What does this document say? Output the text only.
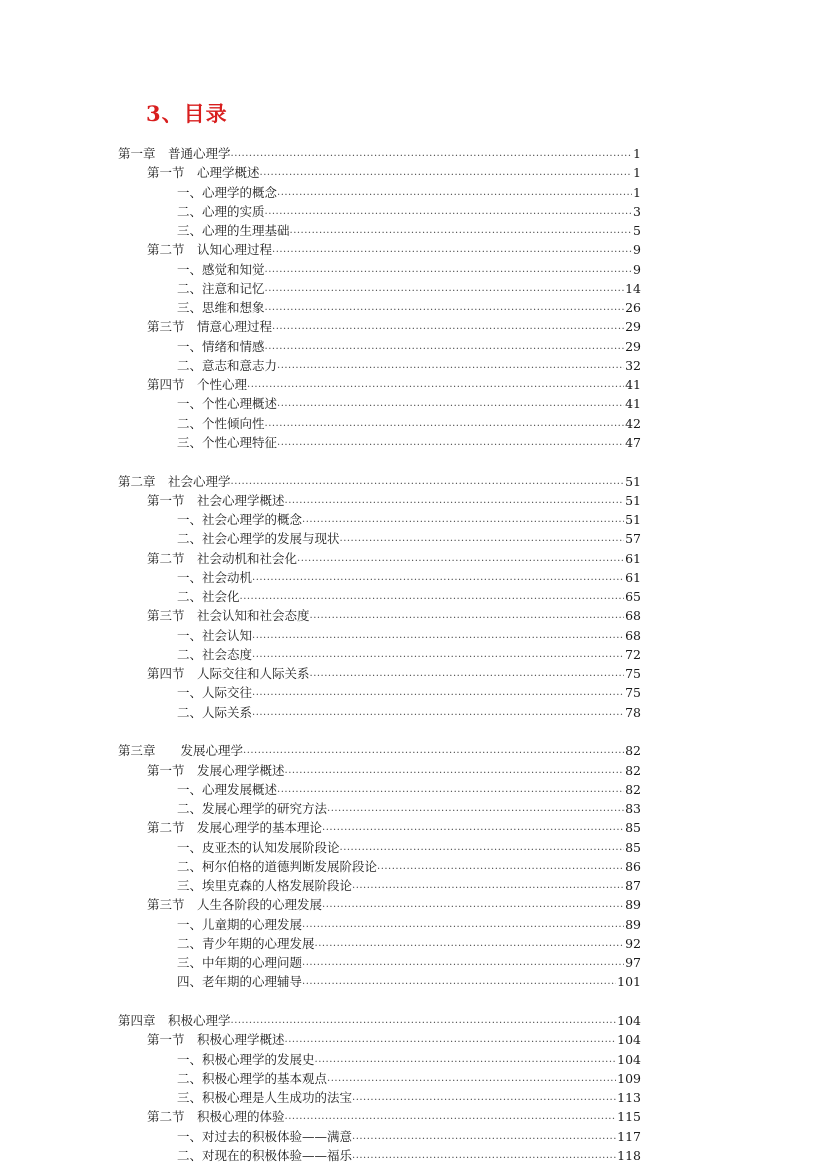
3、目录
第一章　普通心理学 .....	1
第一节　心理学概述 .....	1
一、心理学的概念 .....	1
二、心理的实质 .....	3
三、心理的生理基础 .....	5
第二节　认知心理过程 .....	9
一、感觉和知觉 .....	9
二、注意和记忆 .....	14
三、思维和想象 .....	26
第三节　情意心理过程 .....	29
一、情绪和情感 .....	29
二、意志和意志力 .....	32
第四节　个性心理 .....	41
一、个性心理概述 .....	41
二、个性倾向性 .....	42
三、个性心理特征 .....	47
第二章　社会心理学 .....	51
第一节　社会心理学概述 .....	51
一、社会心理学的概念 .....	51
二、社会心理学的发展与现状 .....	57
第二节　社会动机和社会化 .....	61
一、社会动机 .....	61
二、社会化 .....	65
第三节　社会认知和社会态度 .....	68
一、社会认知 .....	68
二、社会态度 .....	72
第四节　人际交往和人际关系 .....	75
一、人际交往 .....	75
二、人际关系 .....	78
第三章　　发展心理学 .....	82
第一节　发展心理学概述 .....	82
一、心理发展概述 .....	82
二、发展心理学的研究方法 .....	83
第二节　发展心理学的基本理论 .....	85
一、皮亚杰的认知发展阶段论 .....	85
二、柯尔伯格的道德判断发展阶段论 .....	86
三、埃里克森的人格发展阶段论 .....	87
第三节　人生各阶段的心理发展 .....	89
一、儿童期的心理发展 .....	89
二、青少年期的心理发展 .....	92
三、中年期的心理问题 .....	97
四、老年期的心理辅导 .....	101
第四章　积极心理学 .....	104
第一节　积极心理学概述 .....	104
一、积极心理学的发展史 .....	104
二、积极心理学的基本观点 .....	109
三、积极心理是人生成功的法宝 .....	113
第二节　积极心理的体验 .....	115
一、对过去的积极体验——满意 .....	117
二、对现在的积极体验——福乐 .....	118
